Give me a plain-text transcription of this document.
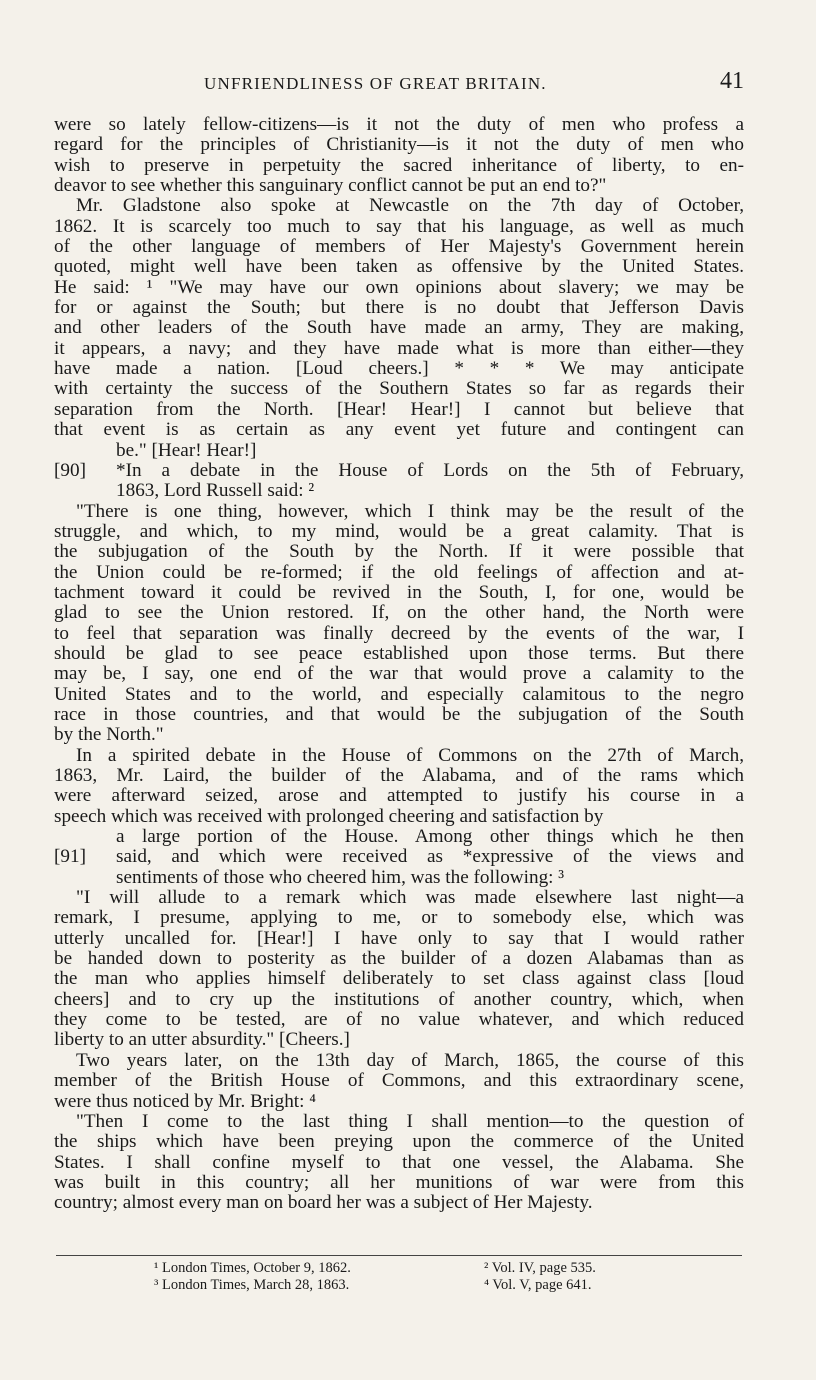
UNFRIENDLINESS OF GREAT BRITAIN.	41
were so lately fellow-citizens—is it not the duty of men who profess a
regard for the principles of Christianity—is it not the duty of men who
wish to preserve in perpetuity the sacred inheritance of liberty, to en-
deavor to see whether this sanguinary conflict cannot be put an end to?"
Mr. Gladstone also spoke at Newcastle on the 7th day of October,
1862. It is scarcely too much to say that his language, as well as much
of the other language of members of Her Majesty's Government herein
quoted, might well have been taken as offensive by the United States.
He said: ¹ "We may have our own opinions about slavery; we may be
for or against the South; but there is no doubt that Jefferson Davis
and other leaders of the South have made an army, They are making,
it appears, a navy; and they have made what is more than either—they
have made a nation. [Loud cheers.] * * * We may anticipate
with certainty the success of the Southern States so far as regards their
separation from the North. [Hear! Hear!] I cannot but believe that
that event is as certain as any event yet future and contingent can
be." [Hear! Hear!]
*In a debate in the House of Lords on the 5th of February,
[90]
1863, Lord Russell said: ²
"There is one thing, however, which I think may be the result of the
struggle, and which, to my mind, would be a great calamity. That is
the subjugation of the South by the North. If it were possible that
the Union could be re-formed; if the old feelings of affection and at-
tachment toward it could be revived in the South, I, for one, would be
glad to see the Union restored. If, on the other hand, the North were
to feel that separation was finally decreed by the events of the war, I
should be glad to see peace established upon those terms. But there
may be, I say, one end of the war that would prove a calamity to the
United States and to the world, and especially calamitous to the negro
race in those countries, and that would be the subjugation of the South
by the North."
In a spirited debate in the House of Commons on the 27th of March,
1863, Mr. Laird, the builder of the Alabama, and of the rams which
were afterward seized, arose and attempted to justify his course in a
speech which was received with prolonged cheering and satisfaction by
a large portion of the House. Among other things which he then
said, and which were received as *expressive of the views and
[91]
sentiments of those who cheered him, was the following: ³
"I will allude to a remark which was made elsewhere last night—a
remark, I presume, applying to me, or to somebody else, which was
utterly uncalled for. [Hear!] I have only to say that I would rather
be handed down to posterity as the builder of a dozen Alabamas than as
the man who applies himself deliberately to set class against class [loud
cheers] and to cry up the institutions of another country, which, when
they come to be tested, are of no value whatever, and which reduced
liberty to an utter absurdity." [Cheers.]
Two years later, on the 13th day of March, 1865, the course of this
member of the British House of Commons, and this extraordinary scene,
were thus noticed by Mr. Bright: ⁴
"Then I come to the last thing I shall mention—to the question of
the ships which have been preying upon the commerce of the United
States. I shall confine myself to that one vessel, the Alabama. She
was built in this country; all her munitions of war were from this
country; almost every man on board her was a subject of Her Majesty.
¹ London Times, October 9, 1862.	² Vol. IV, page 535.
³ London Times, March 28, 1863.	⁴ Vol. V, page 641.
